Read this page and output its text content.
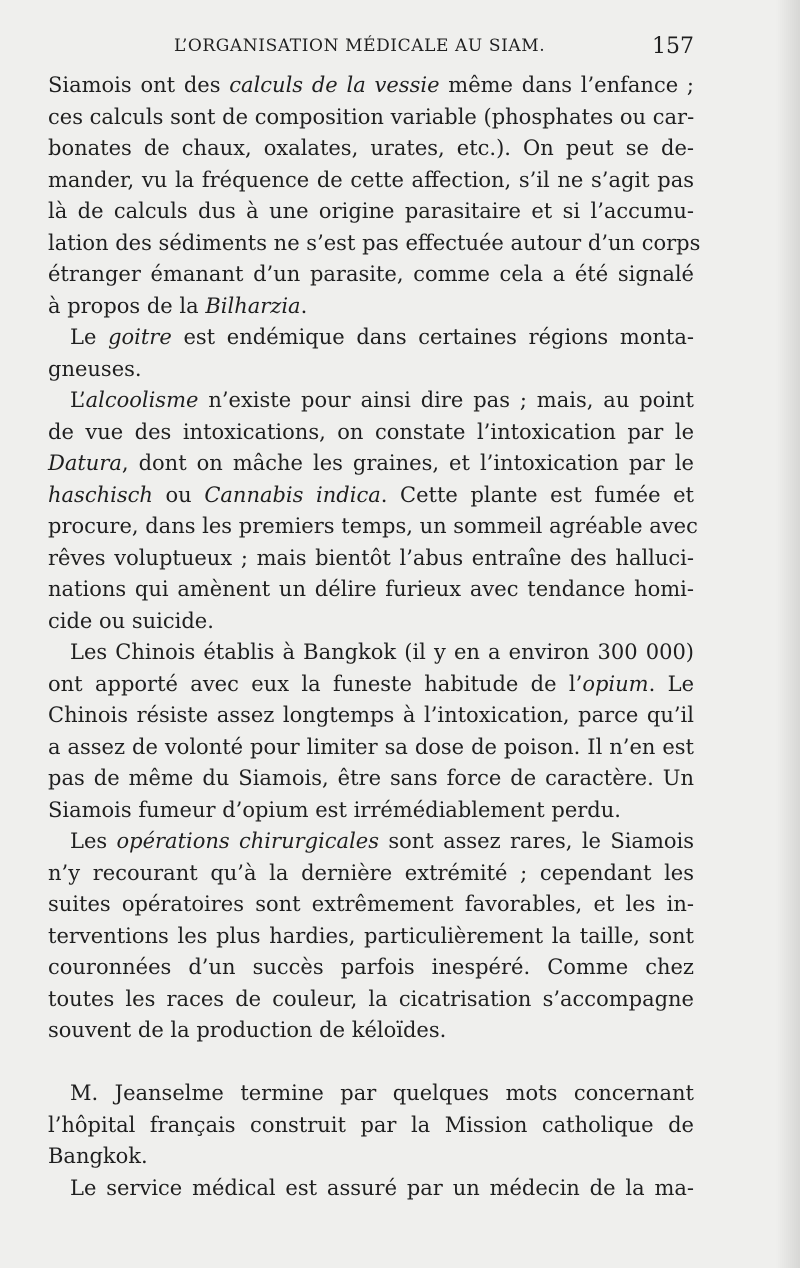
L’ORGANISATION MÉDICALE AU SIAM.	157
Siamois ont des calculs de la vessie même dans l’enfance ;
ces calculs sont de composition variable (phosphates ou car-
bonates de chaux, oxalates, urates, etc.). On peut se de-
mander, vu la fréquence de cette affection, s’il ne s’agit pas
là de calculs dus à une origine parasitaire et si l’accumu-
lation des sédiments ne s’est pas effectuée autour d’un corps
étranger émanant d’un parasite, comme cela a été signalé
à propos de la Bilharzia.
Le goitre est endémique dans certaines régions monta-
gneuses.
L’alcoolisme n’existe pour ainsi dire pas ; mais, au point
de vue des intoxications, on constate l’intoxication par le
Datura, dont on mâche les graines, et l’intoxication par le
haschisch ou Cannabis indica. Cette plante est fumée et
procure, dans les premiers temps, un sommeil agréable avec
rêves voluptueux ; mais bientôt l’abus entraîne des halluci-
nations qui amènent un délire furieux avec tendance homi-
cide ou suicide.
Les Chinois établis à Bangkok (il y en a environ 300 000)
ont apporté avec eux la funeste habitude de l’opium. Le
Chinois résiste assez longtemps à l’intoxication, parce qu’il
a assez de volonté pour limiter sa dose de poison. Il n’en est
pas de même du Siamois, être sans force de caractère. Un
Siamois fumeur d’opium est irrémédiablement perdu.
Les opérations chirurgicales sont assez rares, le Siamois
n’y recourant qu’à la dernière extrémité ; cependant les
suites opératoires sont extrêmement favorables, et les in-
terventions les plus hardies, particulièrement la taille, sont
couronnées d’un succès parfois inespéré. Comme chez
toutes les races de couleur, la cicatrisation s’accompagne
souvent de la production de kéloïdes.
M. Jeanselme termine par quelques mots concernant
l’hôpital français construit par la Mission catholique de
Bangkok.
Le service médical est assuré par un médecin de la ma-
